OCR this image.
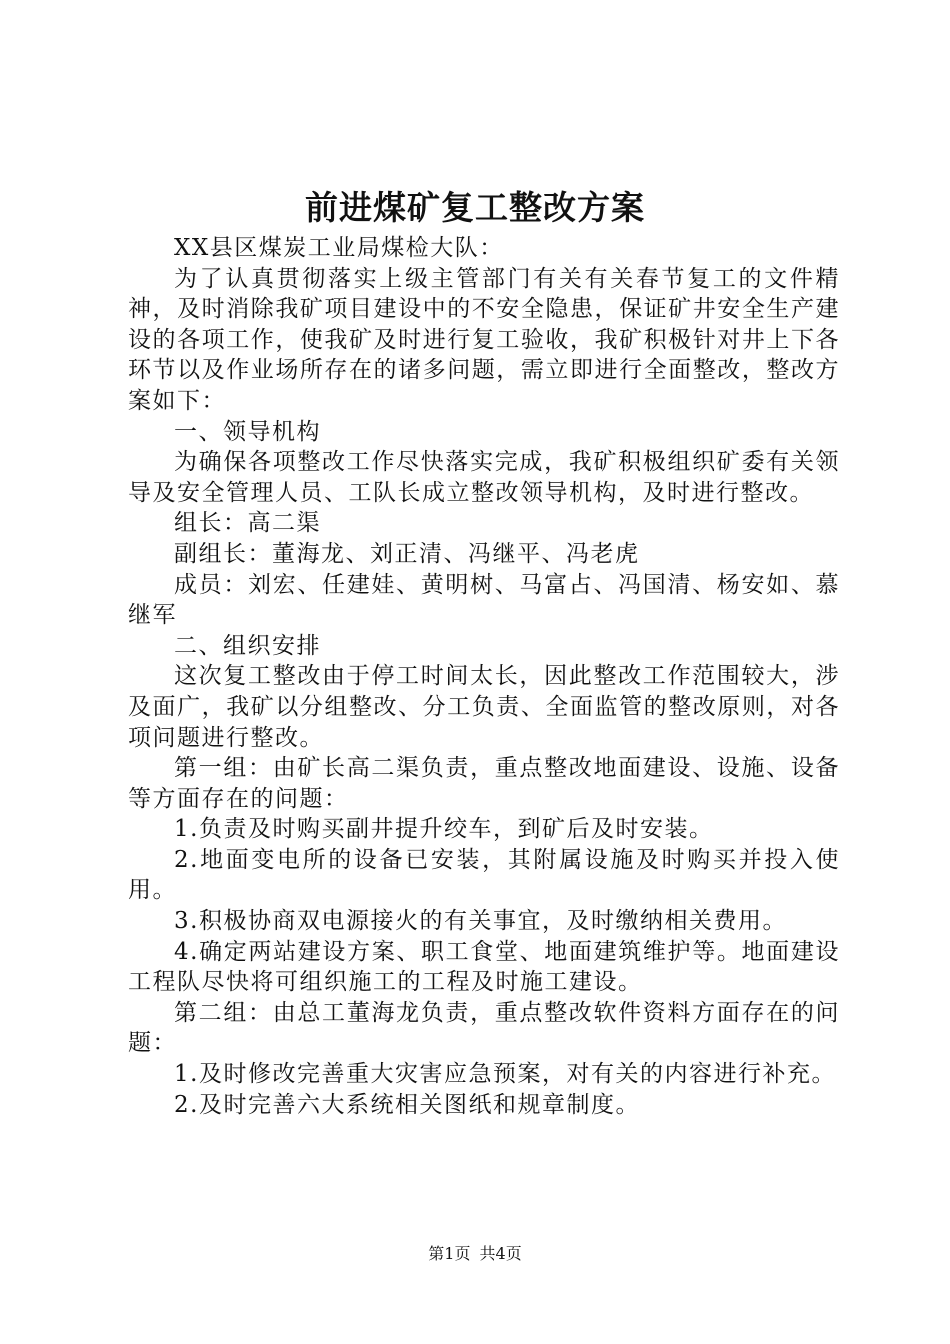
前进煤矿复工整改方案

XX县区煤炭工业局煤检大队：

为了认真贯彻落实上级主管部门有关有关春节复工的文件精神，及时消除我矿项目建设中的不安全隐患，保证矿井安全生产建设的各项工作，使我矿及时进行复工验收，我矿积极针对井上下各环节以及作业场所存在的诸多问题，需立即进行全面整改，整改方案如下：

一、领导机构

为确保各项整改工作尽快落实完成，我矿积极组织矿委有关领导及安全管理人员、工队长成立整改领导机构，及时进行整改。

组长：高二渠

副组长：董海龙、刘正清、冯继平、冯老虎

成员：刘宏、任建娃、黄明树、马富占、冯国清、杨安如、慕继军

二、组织安排

这次复工整改由于停工时间太长，因此整改工作范围较大，涉及面广，我矿以分组整改、分工负责、全面监管的整改原则，对各项问题进行整改。

第一组：由矿长高二渠负责，重点整改地面建设、设施、设备等方面存在的问题：

1.负责及时购买副井提升绞车，到矿后及时安装。

2.地面变电所的设备已安装，其附属设施及时购买并投入使用。

3.积极协商双电源接火的有关事宜，及时缴纳相关费用。

4.确定两站建设方案、职工食堂、地面建筑维护等。地面建设工程队尽快将可组织施工的工程及时施工建设。

第二组：由总工董海龙负责，重点整改软件资料方面存在的问题：

1.及时修改完善重大灾害应急预案，对有关的内容进行补充。

2.及时完善六大系统相关图纸和规章制度。

第1页 共4页
